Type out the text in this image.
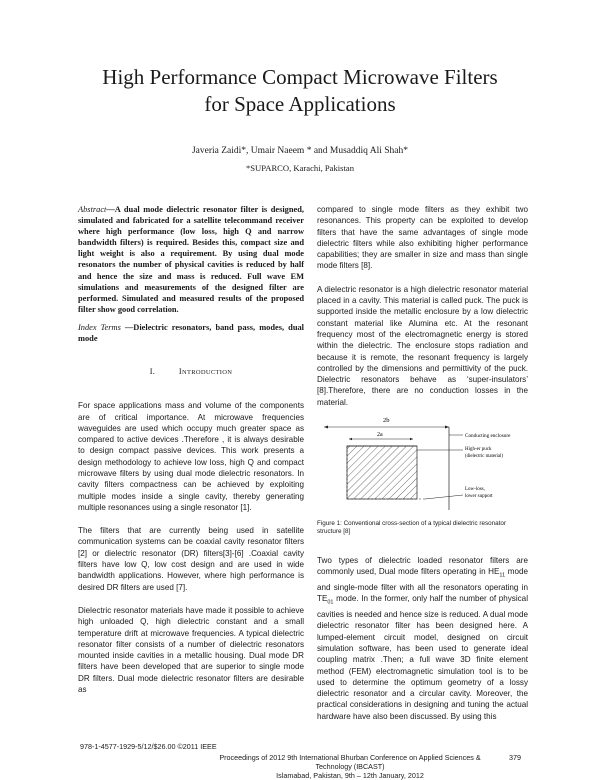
High Performance Compact Microwave Filters
for Space Applications
Javeria Zaidi*, Umair Naeem * and Musaddiq Ali Shah*
*SUPARCO, Karachi, Pakistan

Abstract—A dual mode dielectric resonator filter is designed, simulated and fabricated for a satellite telecommand receiver where high performance (low loss, high Q and narrow bandwidth filters) is required. Besides this, compact size and light weight is also a requirement. By using dual mode resonators the number of physical cavities is reduced by half and hence the size and mass is reduced. Full wave EM simulations and measurements of the designed filter are performed. Simulated and measured results of the proposed filter show good correlation.

Index Terms —Dielectric resonators, band pass, modes, dual mode

I.	INTRODUCTION

For space applications mass and volume of the components are of critical importance. At microwave frequencies waveguides are used which occupy much greater space as compared to active devices .Therefore , it is always desirable to design compact passive devices. This work presents a design methodology to achieve low loss, high Q and compact microwave filters by using dual mode dielectric resonators. In cavity filters compactness can be achieved by exploiting multiple modes inside a single cavity, thereby generating multiple resonances using a single resonator [1].

The filters that are currently being used in satellite communication systems can be coaxial cavity resonator filters [2] or dielectric resonator (DR) filters[3]-[6] .Coaxial cavity filters have low Q, low cost design and are used in wide bandwidth applications. However, where high performance is desired DR filters are used [7].

Dielectric resonator materials have made it possible to achieve high unloaded Q, high dielectric constant and a small temperature drift at microwave frequencies. A typical dielectric resonator filter consists of a number of dielectric resonators mounted inside cavities in a metallic housing. Dual mode DR filters have been developed that are superior to single mode DR filters. Dual mode dielectric resonator filters are desirable as

compared to single mode filters as they exhibit two resonances. This property can be exploited to develop filters that have the same advantages of single mode dielectric filters while also exhibiting higher performance capabilities; they are smaller in size and mass than single mode filters [8].

A dielectric resonator is a high dielectric resonator material placed in a cavity. This material is called puck. The puck is supported inside the metallic enclosure by a low dielectric constant material like Alumina etc. At the resonant frequency most of the electromagnetic energy is stored within the dielectric. The enclosure stops radiation and because it is remote, the resonant frequency is largely controlled by the dimensions and permittivity of the puck. Dielectric resonators behave as ‘super-insulators’ [8].Therefore, there are no conduction losses in the material.

2b
2a	Conducting enclosure
High-er puck
(dielectric material)
Low-loss,
lower support

Figure 1: Conventional cross-section of a typical dielectric resonator structure [8]

Two types of dielectric loaded resonator filters are commonly used, Dual mode filters operating in $HE_{11}$ mode and single-mode filter with all the resonators operating in $TE_{01}$ mode. In the former, only half the number of physical cavities is needed and hence size is reduced. A dual mode dielectric resonator filter has been designed here. A lumped-element circuit model, designed on circuit simulation software, has been used to generate ideal coupling matrix .Then; a full wave 3D finite element method (FEM) electromagnetic simulation tool is to be used to determine the optimum geometry of a lossy dielectric resonator and a circular cavity. Moreover, the practical considerations in designing and tuning the actual hardware have also been discussed. By using this

978-1-4577-1929-5/12/$26.00 ©2011 IEEE
Proceedings of 2012 9th International Bhurban Conference on Applied Sciences & Technology (IBCAST)
Islamabad, Pakistan, 9th – 12th January, 2012
379
